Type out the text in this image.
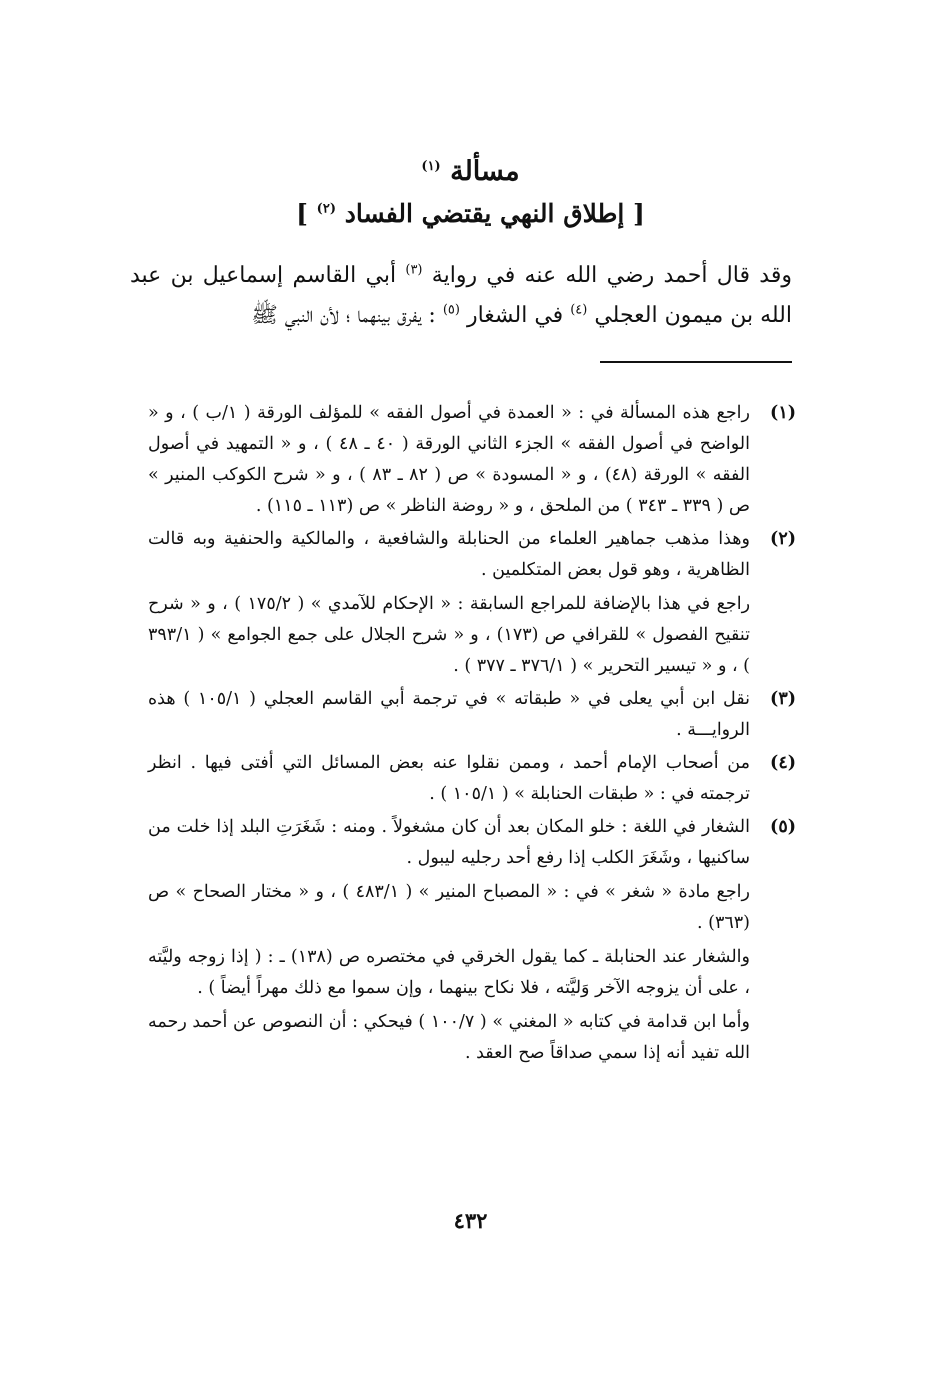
مسألة $^{(١)}$
[ إطلاق النهي يقتضي الفساد $^{(٢)}$ ]
وقد قال أحمد رضي الله عنه في رواية $^{(٣)}$ أبي القاسم إسماعيل بن عبد الله بن ميمون العجلي $^{(٤)}$ في الشغار $^{(٥)}$ : يفرق بينهما ؛ لأن النبي ﷺ
(١)

راجع هذه المسألة في : « العمدة في أصول الفقه » للمؤلف الورقة ( ١/ب ) ، و « الواضح في أصول الفقه » الجزء الثاني الورقة ( ٤٠ ـ ٤٨ ) ، و « التمهيد في أصول الفقه » الورقة (٤٨) ، و « المسودة » ص ( ٨٢ ـ ٨٣ ) ، و « شرح الكوكب المنير » ص ( ٣٣٩ ـ ٣٤٣ ) من الملحق ، و « روضة الناظر » ص (١١٣ ـ ١١٥) .

(٢)

وهذا مذهب جماهير العلماء من الحنابلة والشافعية ، والمالكية والحنفية وبه قالت الظاهرية ، وهو قول بعض المتكلمين .

راجع في هذا بالإضافة للمراجع السابقة : « الإحكام للآمدي » ( ١٧٥/٢ ) ، و « شرح تنقيح الفصول » للقرافي ص (١٧٣) ، و « شرح الجلال على جمع الجوامع » ( ٣٩٣/١ ) ، و « تيسير التحرير » ( ٣٧٦/١ ـ ٣٧٧ ) .

(٣)

نقل ابن أبي يعلى في « طبقاته » في ترجمة أبي القاسم العجلي ( ١٠٥/١ ) هذه الروايـــة .

(٤)

من أصحاب الإمام أحمد ، وممن نقلوا عنه بعض المسائل التي أفتى فيها . انظر ترجمته في : « طبقات الحنابلة » ( ١٠٥/١ ) .

(٥)

الشغار في اللغة : خلو المكان بعد أن كان مشغولاً . ومنه : شَغَرَتِ البلد إذا خلت من ساكنيها ، وشَغَرَ الكلب إذا رفع أحد رجليه ليبول .

راجع مادة « شغر » في : « المصباح المنير » ( ٤٨٣/١ ) ، و « مختار الصحاح » ص (٣٦٣) .

والشغار عند الحنابلة ـ كما يقول الخرقي في مختصره ص (١٣٨) ـ : ( إذا زوجه وليَّته ، على أن يزوجه الآخر وَليَّته ، فلا نكاح بينهما ، وإن سموا مع ذلك مهراً أيضاً ) .

وأما ابن قدامة في كتابه « المغني » ( ١٠٠/٧ ) فيحكي : أن النصوص عن أحمد رحمه الله تفيد أنه إذا سمي صداقاً صح العقد .

٤٣٢
